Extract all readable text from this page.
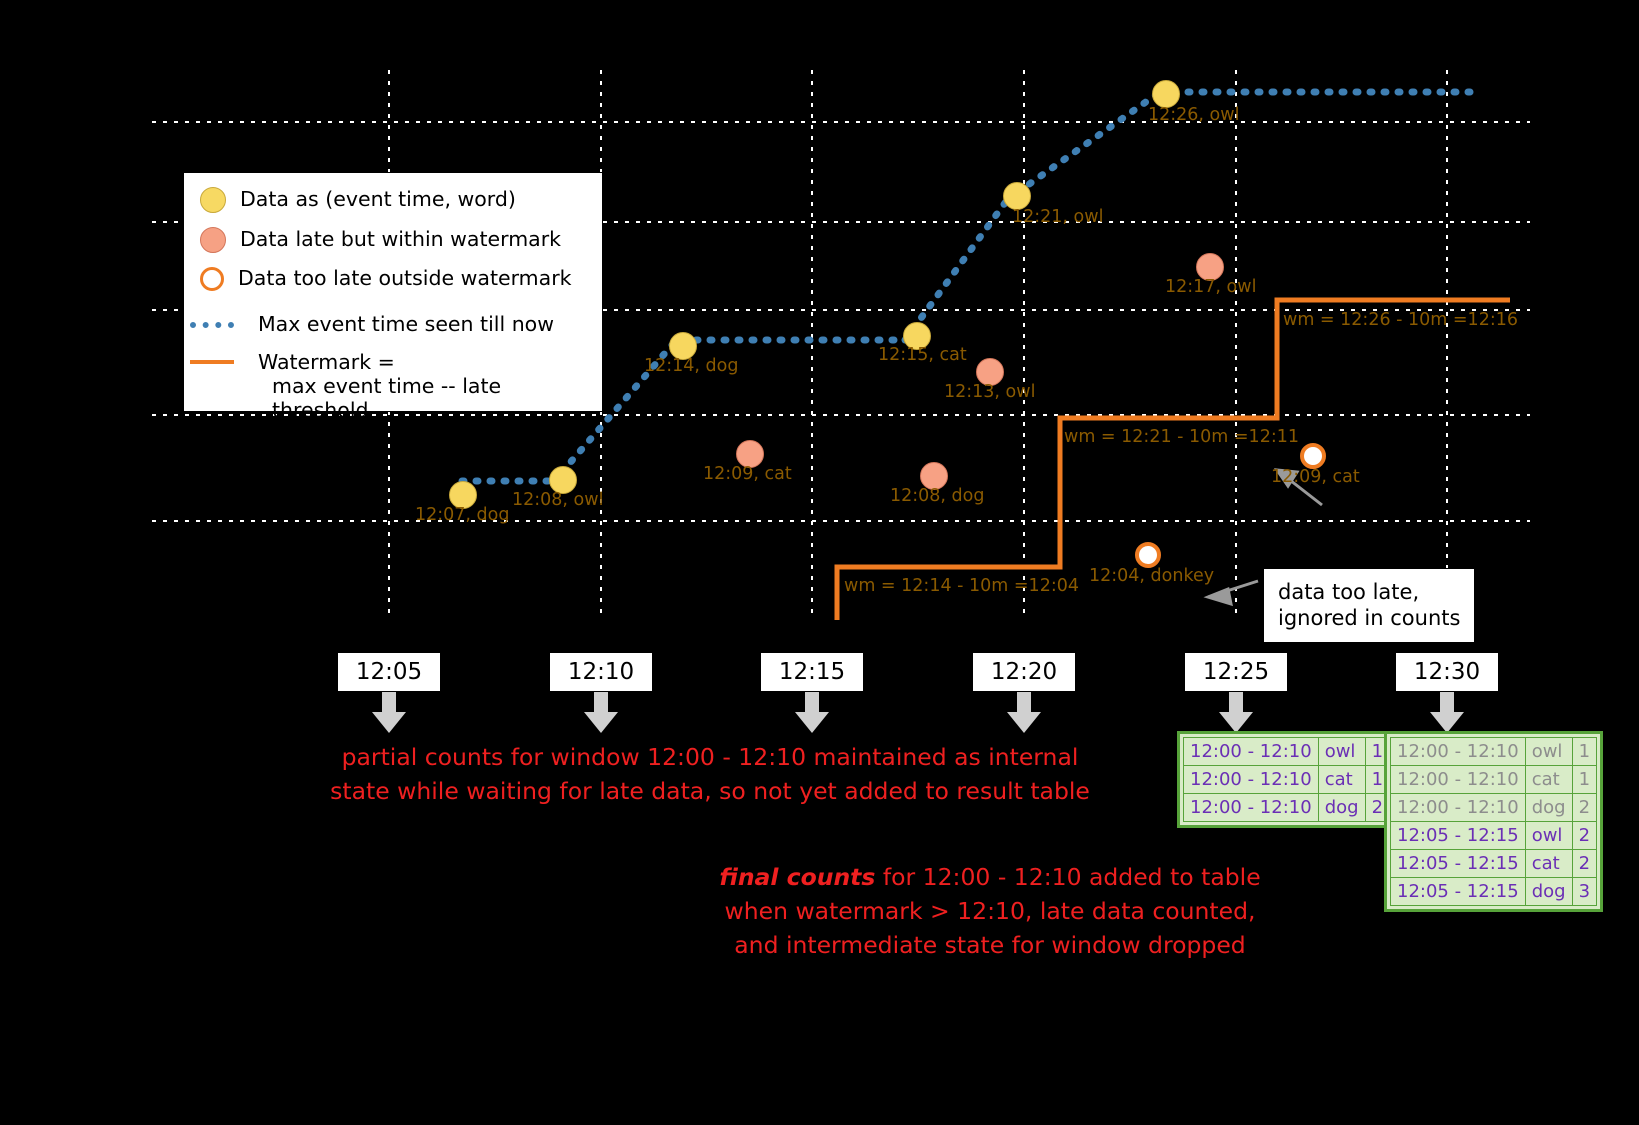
Data as (event time, word)
Data late but within watermark
Data too late outside watermark
Max event time seen till now
Watermark =
max event time -- late threshold
12:07, dog
12:08, owl
12:09, cat
12:14, dog
12:15, cat
12:13, owl
12:08, dog
12:21, owl
12:17, owl
12:26, owl
12:09, cat
12:04, donkey
wm = 12:14 - 10m =12:04
wm = 12:21 - 10m =12:11
wm = 12:26 - 10m =12:16
12:05	12:10	12:15	12:20	12:25	12:30
data too late,
ignored in counts
partial counts for window 12:00 - 12:10 maintained as internal
state while waiting for late data, so not yet added to result table
final counts for 12:00 - 12:10 added to table
when watermark > 12:10, late data counted,
and intermediate state for window dropped
12:00 - 12:10	owl	1
12:00 - 12:10	cat	1
12:00 - 12:10	dog	2
12:00 - 12:10	owl	1
12:00 - 12:10	cat	1
12:00 - 12:10	dog	2
12:05 - 12:15	owl	2
12:05 - 12:15	cat	2
12:05 - 12:15	dog	3
